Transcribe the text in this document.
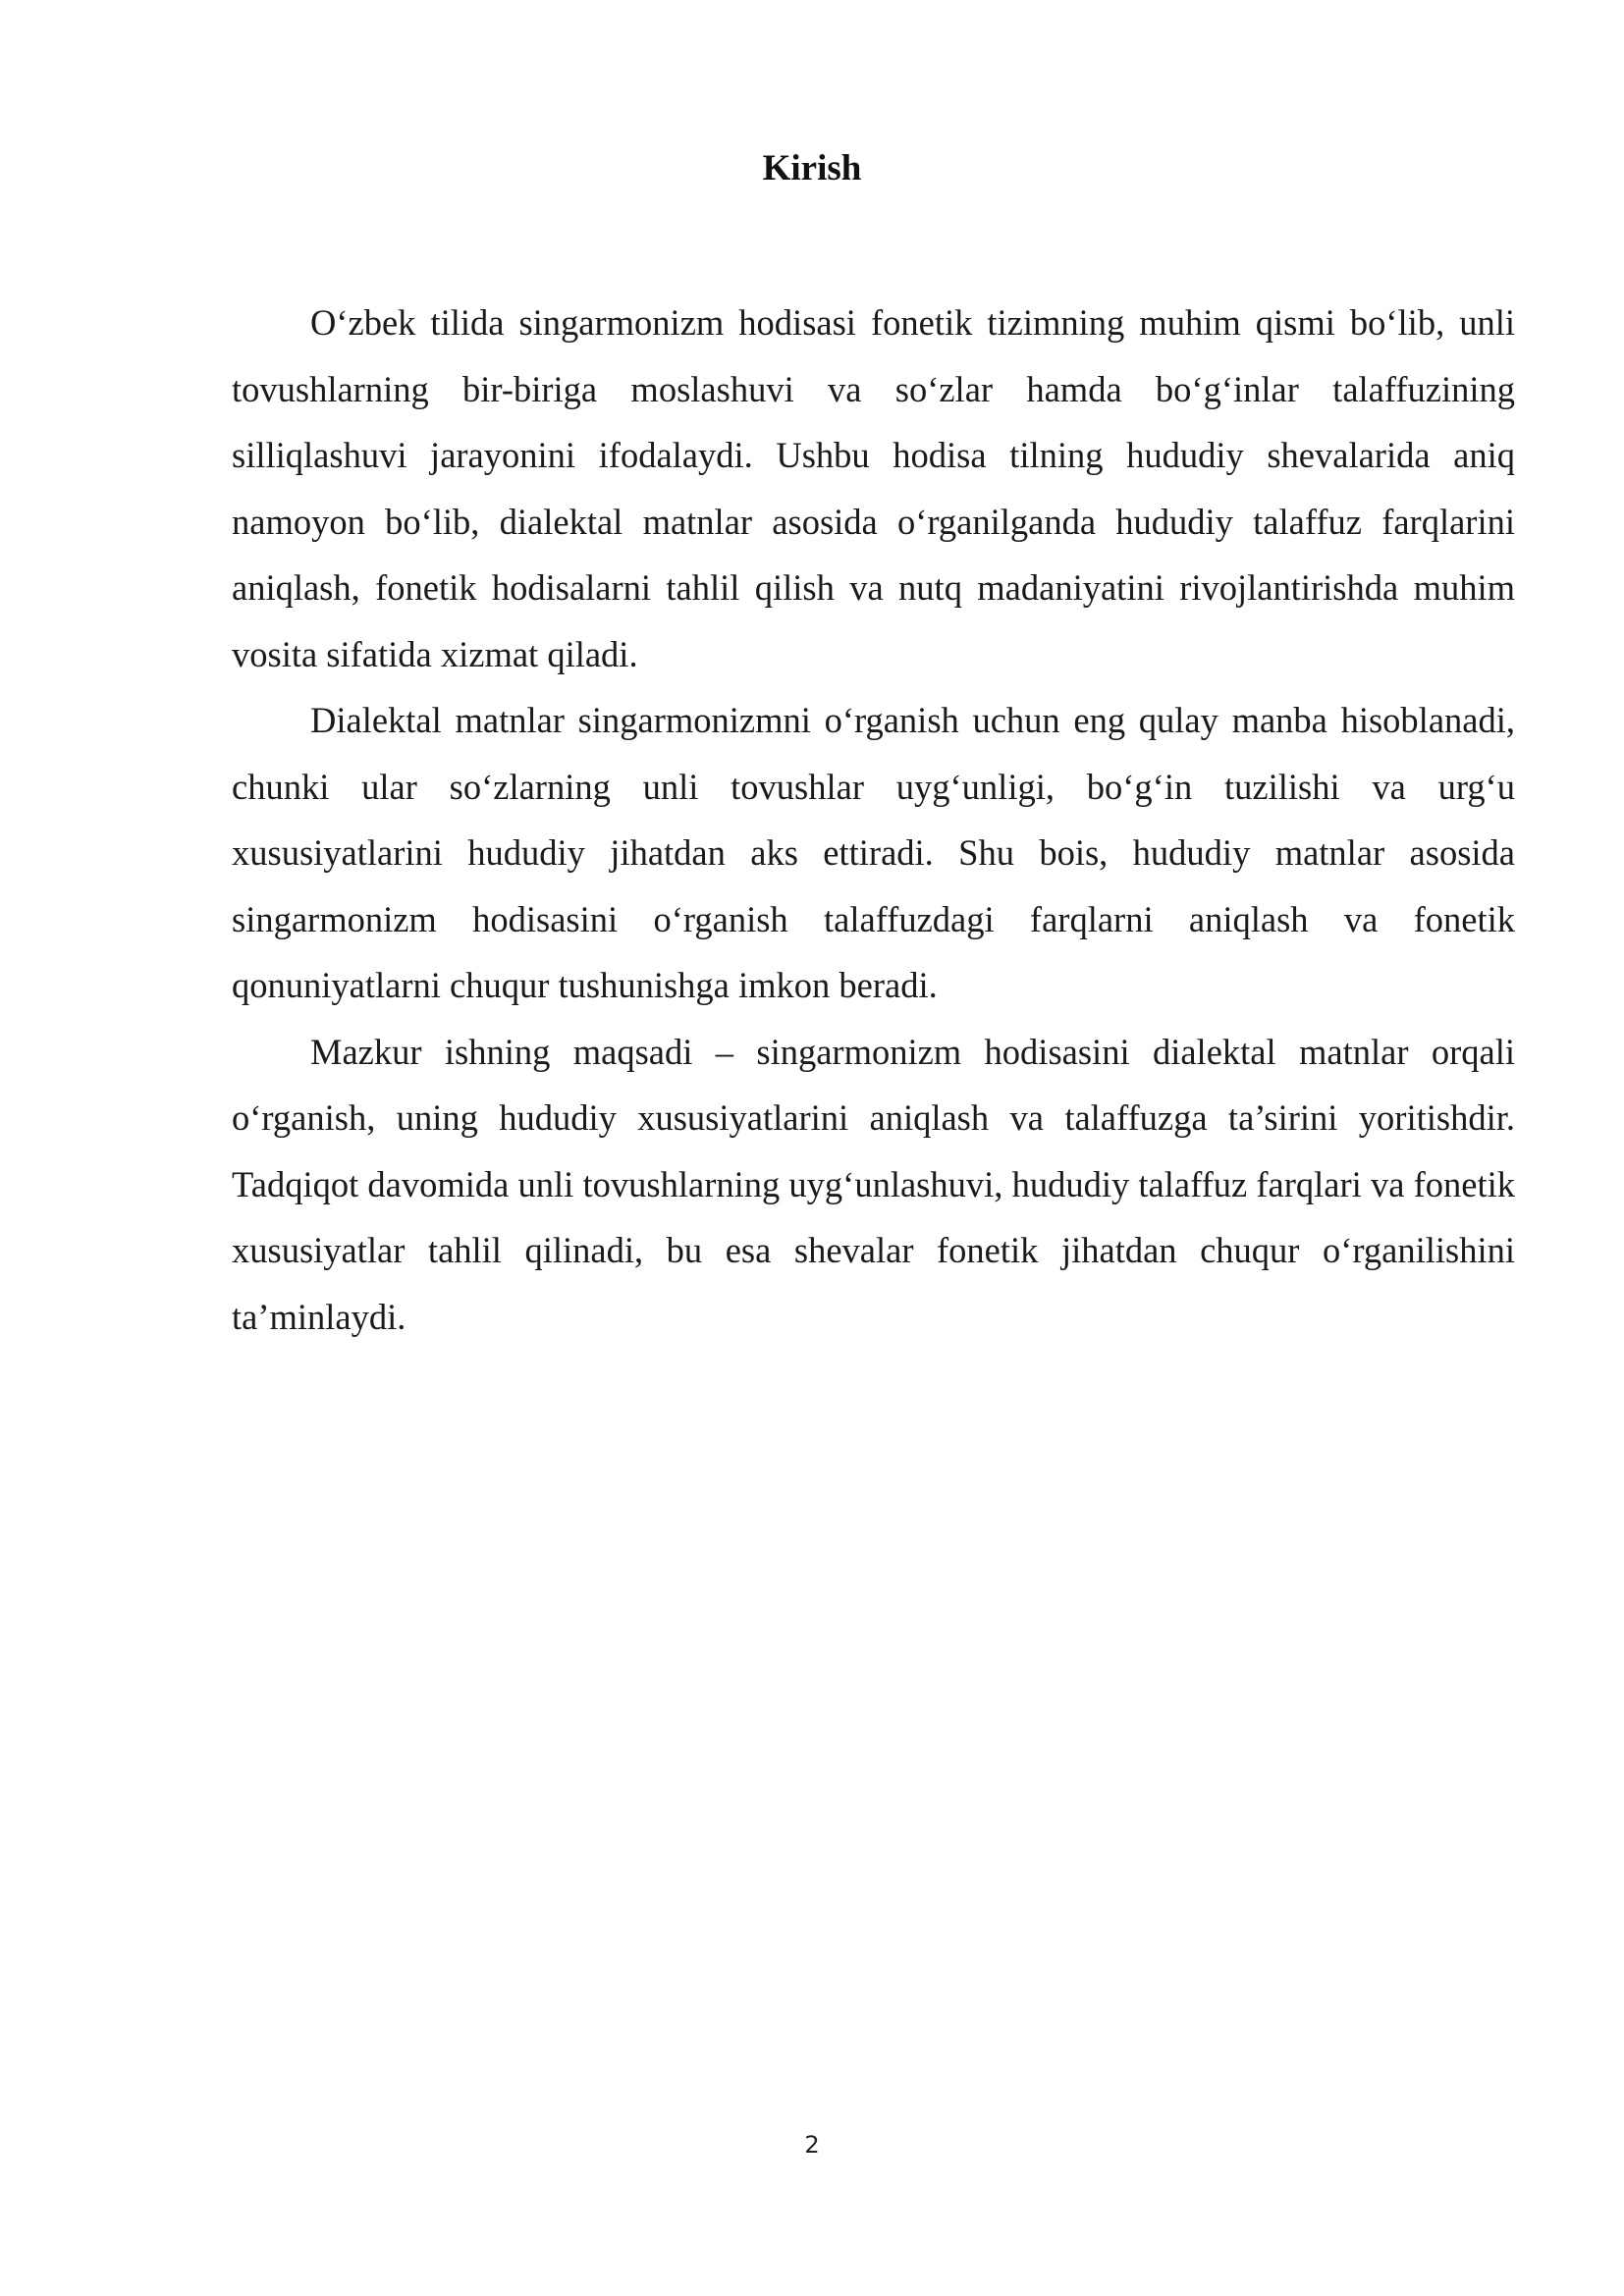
Kirish

O‘zbek tilida singarmonizm hodisasi fonetik tizimning muhim qismi bo‘lib, unli tovushlarning bir-biriga moslashuvi va so‘zlar hamda bo‘g‘inlar talaffuzining silliqlashuvi jarayonini ifodalaydi. Ushbu hodisa tilning hududiy shevalarida aniq namoyon bo‘lib, dialektal matnlar asosida o‘rganilganda hududiy talaffuz farqlarini aniqlash, fonetik hodisalarni tahlil qilish va nutq madaniyatini rivojlantirishda muhim vosita sifatida xizmat qiladi.

Dialektal matnlar singarmonizmni o‘rganish uchun eng qulay manba hisoblanadi, chunki ular so‘zlarning unli tovushlar uyg‘unligi, bo‘g‘in tuzilishi va urg‘u xususiyatlarini hududiy jihatdan aks ettiradi. Shu bois, hududiy matnlar asosida singarmonizm hodisasini o‘rganish talaffuzdagi farqlarni aniqlash va fonetik qonuniyatlarni chuqur tushunishga imkon beradi.

Mazkur ishning maqsadi – singarmonizm hodisasini dialektal matnlar orqali o‘rganish, uning hududiy xususiyatlarini aniqlash va talaffuzga ta’sirini yoritishdir. Tadqiqot davomida unli tovushlarning uyg‘unlashuvi, hududiy talaffuz farqlari va fonetik xususiyatlar tahlil qilinadi, bu esa shevalar fonetik jihatdan chuqur o‘rganilishini ta’minlaydi.

2
